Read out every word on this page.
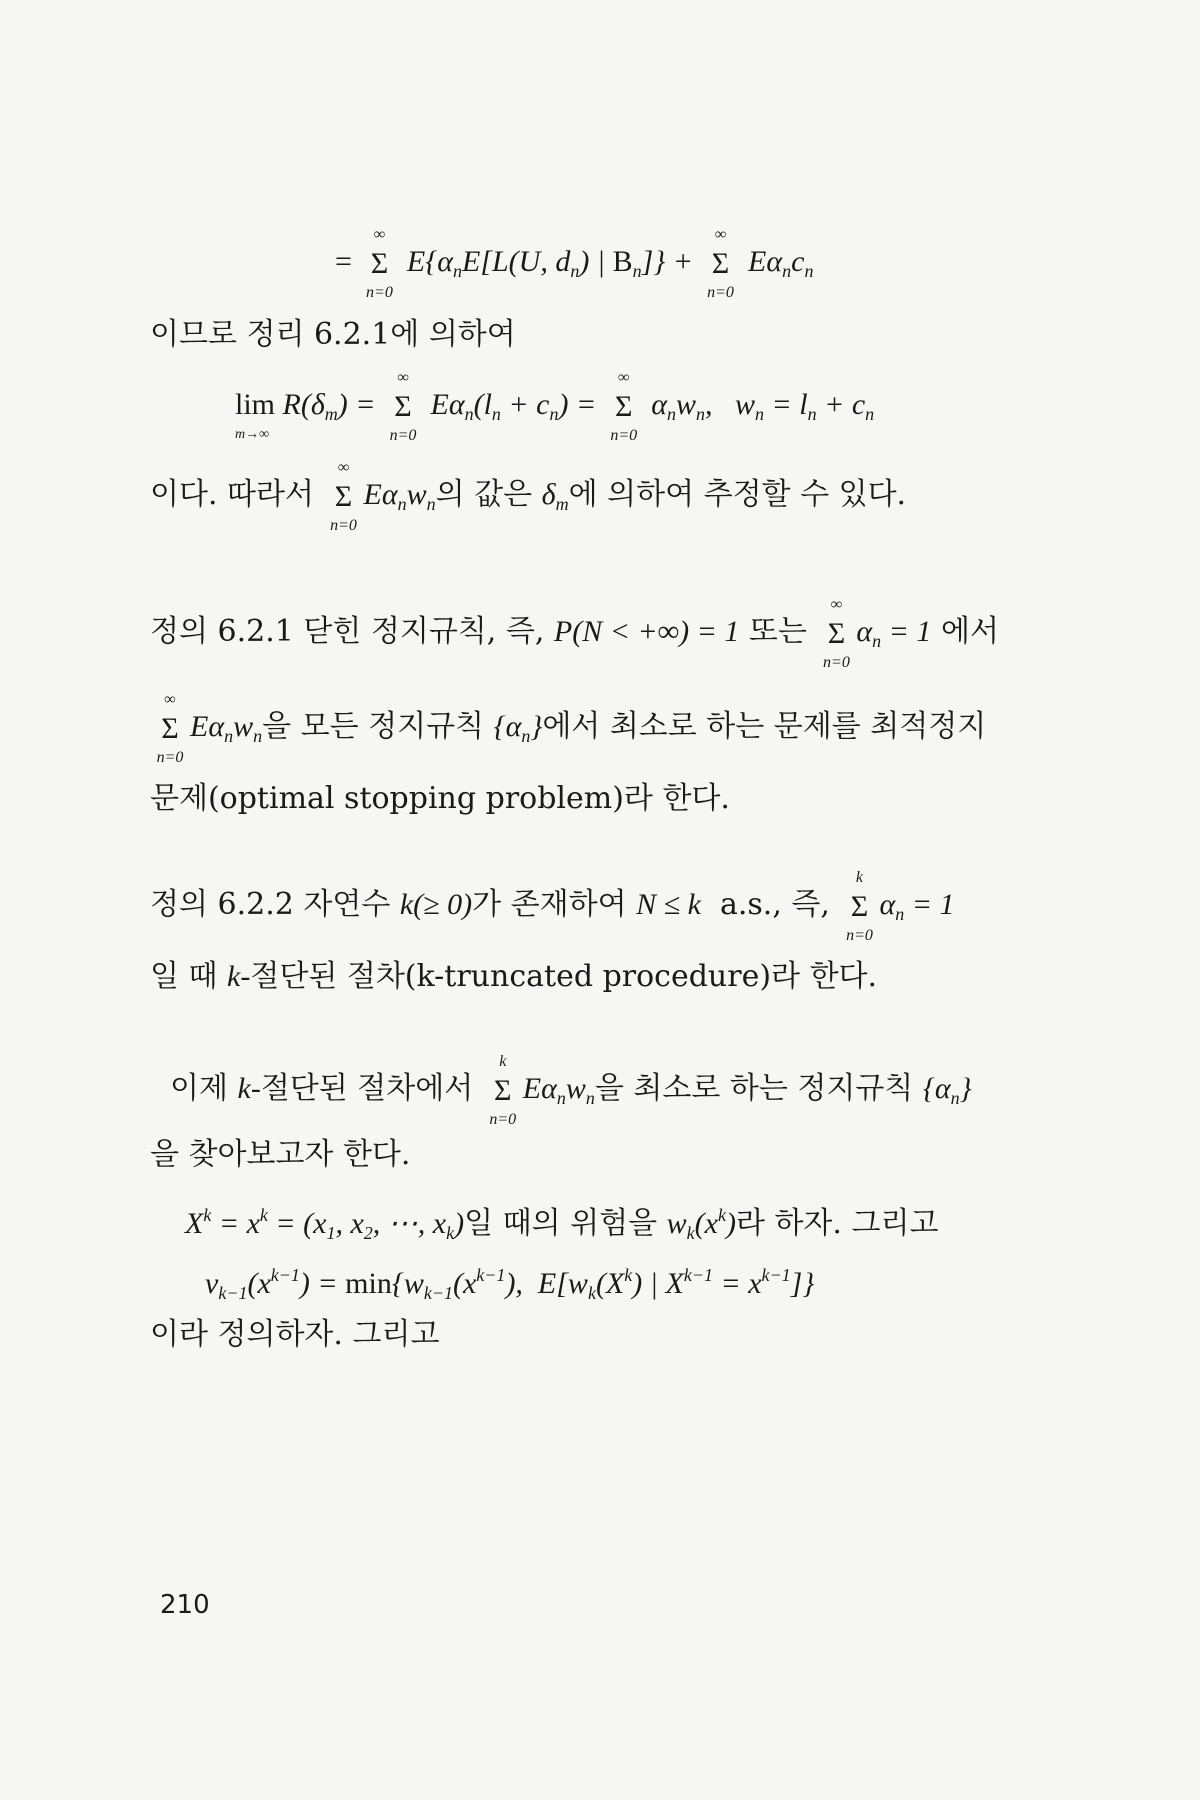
=
∞
Σ
n=0
$E\{\alpha_nE[L(U$, $d_n$) | $B_n$]} +
∞
Σ
n=0
$E\alpha_nc_n$
이므로 정리 6.2.1에 의하여
lim
m→∞
$R(\delta_m)$ =
∞
Σ
n=0
$E\alpha_n(l_n + c_n)$ =
∞
Σ
n=0
$\alpha_nw_n$,   $w_n = l_n + c_n$
이다. 따라서
∞
Σ
n=0
$E\alpha_nw_n$의 값은 $\delta_m$에 의하여 추정할 수 있다.
정의 6.2.1 닫힌 정지규칙, 즉, P(N < +∞) = 1 또는
∞
Σ
n=0
$\alpha_n = 1$ 에서
∞
Σ
n=0
$E\alpha_nw_n$을 모든 정지규칙 $\{\alpha_n\}$에서 최소로 하는 문제를 최적정지
문제(optimal stopping problem)라 한다.
정의 6.2.2 자연수 k(≥ 0)가 존재하여 N ≤ k a.s., 즉,
k
Σ
n=0
$\alpha_n = 1$
일 때 k-절단된 절차(k-truncated procedure)라 한다.
이제 k-절단된 절차에서
k
Σ
n=0
$E\alpha_nw_n$을 최소로 하는 정지규칙 $\{\alpha_n\}$
을 찾아보고자 한다.
$X^k = x^k = (x_1$, $x_2$, ⋯, $x_k$)일 때의 위험을 $w_k(x^k)$라 하자. 그리고
$v_{k-1}(x^{k-1}) = \min\{w_{k-1}(x^{k-1})$,  $E[w_k(X^k)$ | $X^{k-1} = x^{k-1}$]}
이라 정의하자. 그리고
210
